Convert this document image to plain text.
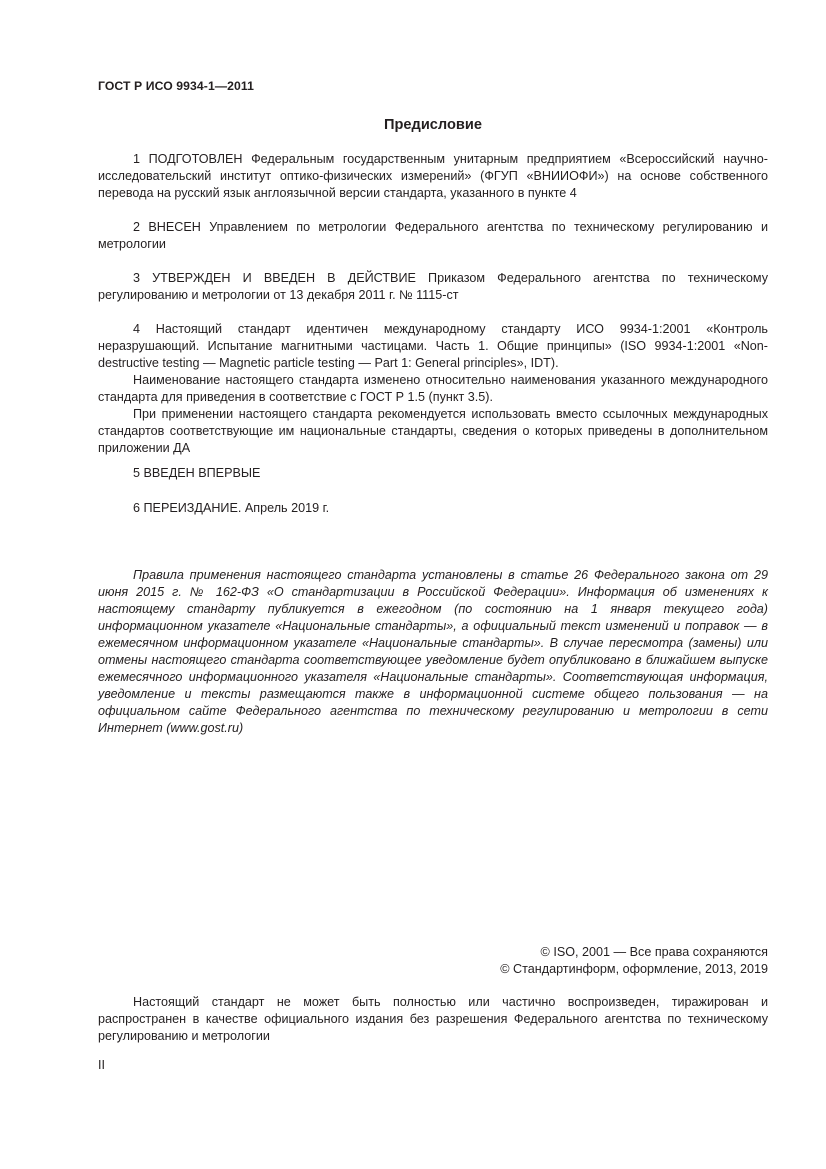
ГОСТ Р ИСО 9934-1—2011
Предисловие

1 ПОДГОТОВЛЕН Федеральным государственным унитарным предприятием «Всероссийский научно-исследовательский институт оптико-физических измерений» (ФГУП «ВНИИОФИ») на основе собственного перевода на русский язык англоязычной версии стандарта, указанного в пункте 4

2 ВНЕСЕН Управлением по метрологии Федерального агентства по техническому регулированию и метрологии

3 УТВЕРЖДЕН И ВВЕДЕН В ДЕЙСТВИЕ Приказом Федерального агентства по техническому регулированию и метрологии от 13 декабря 2011 г. № 1115-ст

4 Настоящий стандарт идентичен международному стандарту ИСО 9934-1:2001 «Контроль неразрушающий. Испытание магнитными частицами. Часть 1. Общие принципы» (ISO 9934-1:2001 «Non-destructive testing — Magnetic particle testing — Part 1: General principles», IDT).

Наименование настоящего стандарта изменено относительно наименования указанного международного стандарта для приведения в соответствие с ГОСТ Р 1.5 (пункт 3.5).

При применении настоящего стандарта рекомендуется использовать вместо ссылочных международных стандартов соответствующие им национальные стандарты, сведения о которых приведены в дополнительном приложении ДА

5 ВВЕДЕН ВПЕРВЫЕ

6 ПЕРЕИЗДАНИЕ. Апрель 2019 г.

Правила применения настоящего стандарта установлены в статье 26 Федерального закона от 29 июня 2015 г. № 162-ФЗ «О стандартизации в Российской Федерации». Информация об изменениях к настоящему стандарту публикуется в ежегодном (по состоянию на 1 января текущего года) информационном указателе «Национальные стандарты», а официальный текст изменений и поправок — в ежемесячном информационном указателе «Национальные стандарты». В случае пересмотра (замены) или отмены настоящего стандарта соответствующее уведомление будет опубликовано в ближайшем выпуске ежемесячного информационного указателя «Национальные стандарты». Соответствующая информация, уведомление и тексты размещаются также в информационной системе общего пользования — на официальном сайте Федерального агентства по техническому регулированию и метрологии в сети Интернет (www.gost.ru)

© ISO, 2001 — Все права сохраняются
© Стандартинформ, оформление, 2013, 2019

Настоящий стандарт не может быть полностью или частично воспроизведен, тиражирован и распространен в качестве официального издания без разрешения Федерального агентства по техническому регулированию и метрологии

II
